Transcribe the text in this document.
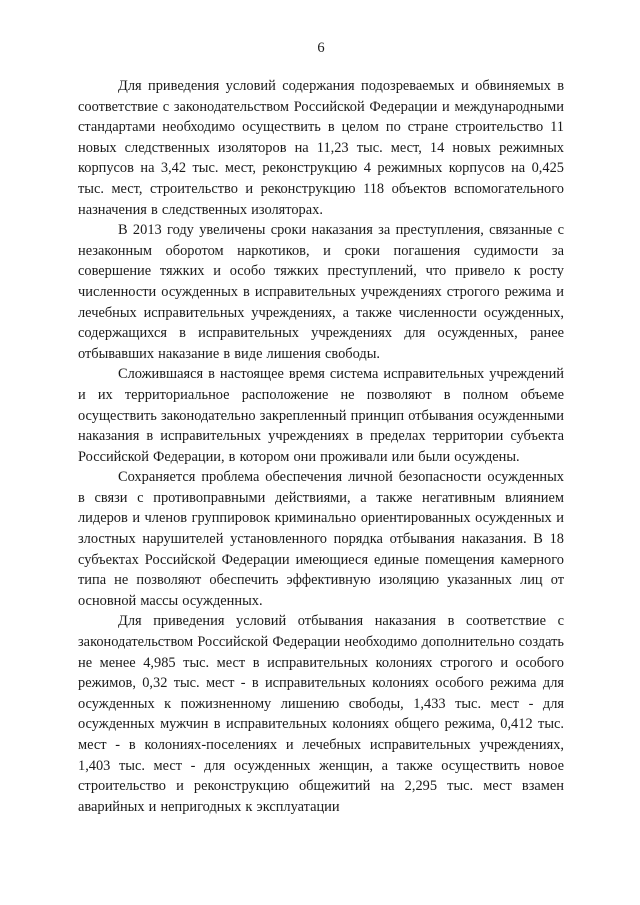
6

Для приведения условий содержания подозреваемых и обвиняемых в соответствие с законодательством Российской Федерации и международными стандартами необходимо осуществить в целом по стране строительство 11 новых следственных изоляторов на 11,23 тыс. мест, 14 новых режимных корпусов на 3,42 тыс. мест, реконструкцию 4 режимных корпусов на 0,425 тыс. мест, строительство и реконструкцию 118 объектов вспомогательного назначения в следственных изоляторах.

В 2013 году увеличены сроки наказания за преступления, связанные с незаконным оборотом наркотиков, и сроки погашения судимости за совершение тяжких и особо тяжких преступлений, что привело к росту численности осужденных в исправительных учреждениях строгого режима и лечебных исправительных учреждениях, а также численности осужденных, содержащихся в исправительных учреждениях для осужденных, ранее отбывавших наказание в виде лишения свободы.

Сложившаяся в настоящее время система исправительных учреждений и их территориальное расположение не позволяют в полном объеме осуществить законодательно закрепленный принцип отбывания осужденными наказания в исправительных учреждениях в пределах территории субъекта Российской Федерации, в котором они проживали или были осуждены.

Сохраняется проблема обеспечения личной безопасности осужденных в связи с противоправными действиями, а также негативным влиянием лидеров и членов группировок криминально ориентированных осужденных и злостных нарушителей установленного порядка отбывания наказания. В 18 субъектах Российской Федерации имеющиеся единые помещения камерного типа не позволяют обеспечить эффективную изоляцию указанных лиц от основной массы осужденных.

Для приведения условий отбывания наказания в соответствие с законодательством Российской Федерации необходимо дополнительно создать не менее 4,985 тыс. мест в исправительных колониях строгого и особого режимов, 0,32 тыс. мест - в исправительных колониях особого режима для осужденных к пожизненному лишению свободы, 1,433 тыс. мест - для осужденных мужчин в исправительных колониях общего режима, 0,412 тыс. мест - в колониях-поселениях и лечебных исправительных учреждениях, 1,403 тыс. мест - для осужденных женщин, а также осуществить новое строительство и реконструкцию общежитий на 2,295 тыс. мест взамен аварийных и непригодных к эксплуатации
